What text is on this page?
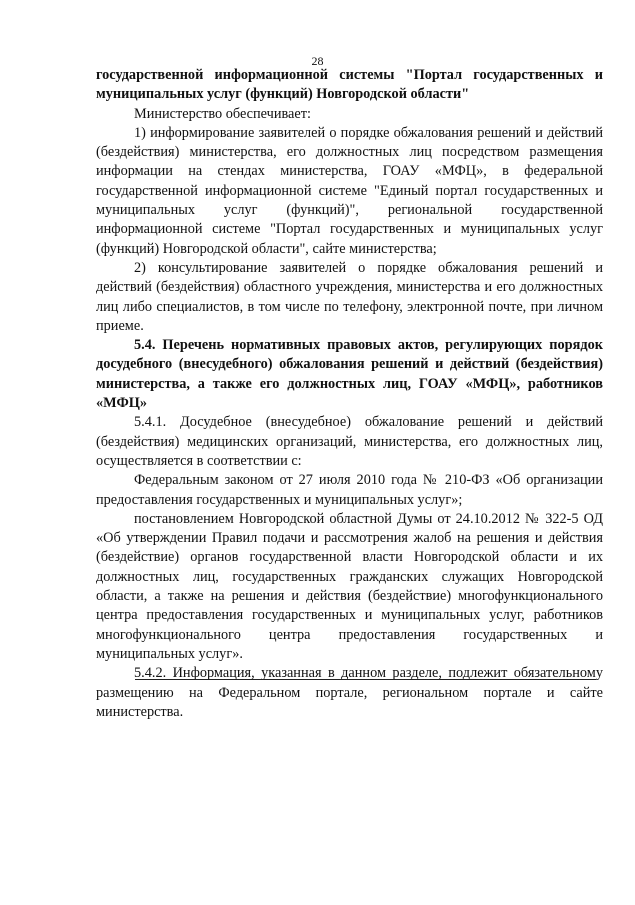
28

государственной информационной системы "Портал государственных и муниципальных услуг (функций) Новгородской области"

Министерство обеспечивает:

1) информирование заявителей о порядке обжалования решений и действий (бездействия) министерства, его должностных лиц посредством размещения информации на стендах министерства, ГОАУ «МФЦ», в федеральной государственной информационной системе "Единый портал государственных и муниципальных услуг (функций)", региональной государственной информационной системе "Портал государственных и муниципальных услуг (функций) Новгородской области", сайте министерства;

2) консультирование заявителей о порядке обжалования решений и действий (бездействия) областного учреждения, министерства и его должностных лиц либо специалистов, в том числе по телефону, электронной почте, при личном приеме.

5.4. Перечень нормативных правовых актов, регулирующих порядок досудебного (внесудебного) обжалования решений и действий (бездействия) министерства, а также его должностных лиц, ГОАУ «МФЦ», работников «МФЦ»

5.4.1. Досудебное (внесудебное) обжалование решений и действий (бездействия) медицинских организаций, министерства, его должностных лиц, осуществляется в соответствии с:

Федеральным законом от 27 июля 2010 года № 210-ФЗ «Об организации предоставления государственных и муниципальных услуг»;

постановлением Новгородской областной Думы от 24.10.2012 № 322-5 ОД «Об утверждении Правил подачи и рассмотрения жалоб на решения и действия (бездействие) органов государственной власти Новгородской области и их должностных лиц, государственных гражданских служащих Новгородской области, а также на решения и действия (бездействие) многофункционального центра предоставления государственных и муниципальных услуг, работников многофункционального центра предоставления государственных и муниципальных услуг».

5.4.2. Информация, указанная в данном разделе, подлежит обязательному размещению на Федеральном портале, региональном портале и сайте министерства.
